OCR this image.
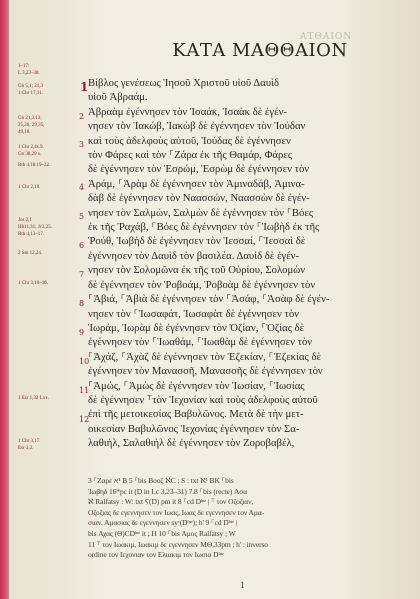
ΑΤΘΑΙΟΝ
ΚΑΤΑ ΜΑΘΘΑΙΟΝ
1–17:
L 3,23–38.
Gn 5,1; 21,3
1 Chr 17,11.
Gn 21,3.12;
25,26; 29,35;
49,10.
1 Chr 2,4s.9.
Gn 38,29 s.
Rth 4,18.19–22.
1 Chr 2,10.
Jos 2,1
Hb11,31; Jc2,25.
Rth 4,13–17.
2 Sm 12,24.
1 Chr 3,10–16.
1 Esr 1,32 Lxx.
1 Chr 3,17.
Esr 3,2.
1
2
3
4
5
6
7
8
9
10
11
12
Βίβλος γενέσεως Ἰησοῦ Χριστοῦ υἱοῦ Δαυὶδ
υἱοῦ Ἀβραάμ.
Ἀβραὰμ ἐγέννησεν τὸν Ἰσαάκ, Ἰσαὰκ δὲ ἐγέν-
νησεν τὸν Ἰακώβ, Ἰακὼβ δὲ ἐγέννησεν τὸν Ἰούδαν
καὶ τοὺς ἀδελφοὺς αὐτοῦ, Ἰούδας δὲ ἐγέννησεν
τὸν Φάρες καὶ τὸν ⸀Ζάρα ἐκ τῆς Θαμάρ, Φάρες
δὲ ἐγέννησεν τὸν Ἑσρώμ, Ἑσρὼμ δὲ ἐγέννησεν τὸν
Ἀράμ, ⸀Ἀρὰμ δὲ ἐγέννησεν τὸν Ἀμιναδάβ, Ἀμινα-
δὰβ δὲ ἐγέννησεν τὸν Ναασσών, Ναασσὼν δὲ ἐγέν-
νησεν τὸν Σαλμών, Σαλμὼν δὲ ἐγέννησεν τὸν ⸀Βόες
ἐκ τῆς Ῥαχάβ, ⸀Βόες δὲ ἐγέννησεν τὸν ⸀Ἰωβὴδ ἐκ τῆς
Ῥούθ, Ἰωβὴδ δὲ ἐγέννησεν τὸν Ἰεσσαί, ⸀Ἰεσσαὶ δὲ
ἐγέννησεν τὸν Δαυὶδ τὸν βασιλέα. Δαυὶδ δὲ ἐγέν-
νησεν τὸν Σολομῶνα ἐκ τῆς τοῦ Οὐρίου, Σολομὼν
δὲ ἐγέννησεν τὸν Ῥοβοάμ, Ῥοβοὰμ δὲ ἐγέννησεν τὸν
⸀Ἀβιά, ⸀Ἀβιὰ δὲ ἐγέννησεν τὸν ⸀Ἀσάφ, ⸀Ἀσὰφ δὲ ἐγέν-
νησεν τὸν ⸀Ἰωσαφάτ, Ἰωσαφὰτ δὲ ἐγέννησεν τὸν
Ἰωράμ, Ἰωρὰμ δὲ ἐγέννησεν τὸν Ὀζίαν, ⸀Ὀζίας δὲ
ἐγέννησεν τὸν ⸀Ἰωαθάμ, ⸀Ἰωαθὰμ δὲ ἐγέννησεν τὸν
⸀Ἀχάζ, ⸀Ἀχὰζ δὲ ἐγέννησεν τὸν Ἑζεκίαν, ⸀Ἑζεκίας δὲ
ἐγέννησεν τὸν Μανασσῆ, Μανασσῆς δὲ ἐγέννησεν τὸν
⸀Ἀμώς, ⸀Ἀμὼς δὲ ἐγέννησεν τὸν Ἰωσίαν, ⸀Ἰωσίας
δὲ ἐγέννησεν ⸆τὸν Ἰεχονίαν καὶ τοὺς ἀδελφοὺς αὐτοῦ
ἐπὶ τῆς μετοικεσίας Βαβυλῶνος. Μετὰ δὲ τὴν μετ-
οικεσίαν Βαβυλῶνος Ἰεχονίας ἐγέννησεν τὸν Σα-
λαθιήλ, Σαλαθιὴλ δὲ ἐγέννησεν τὸν Ζοροβαβέλ,
3 ⸀Ζαρε ℵ¹ B 5 ⸀bis Βοοζ ℵC ; S : txt ℵ¹ BK ⸀bis
Ἰωβηδ 16*pc it (D in Lc 3,23–31) 7.8 ⸀bis (recte) Ασα
ℵ Ralfatsy : W: txt Ⲋ(D) pm it 8 ⸀cd Dˡⁿᵉ | ⸆ τον Οζοζιαν,
Οζοζιας δε εγεννησεν τον Ιωας, Ιωας δε εγεννησεν τον Αμα-
σιαν. Αμασιας δε εγεννησεν syᶜ(Dˡⁿᵉ); h' 9 ⸀cd Dˡⁿᵉ |
bis Αχας (Θ)CDˡⁿᵉ it ; H 10 ⸀bis Αμος Ralfatsy ; W
11 ⸆ τον Ιωακιμ, Ιωακιμ δε εγεννησεν MΘ,33pm ; h' : inverso
ordine τον Ιεχονιαν τον Ελιακιμ τον Ιωσια Dˡⁿᵉ
1
